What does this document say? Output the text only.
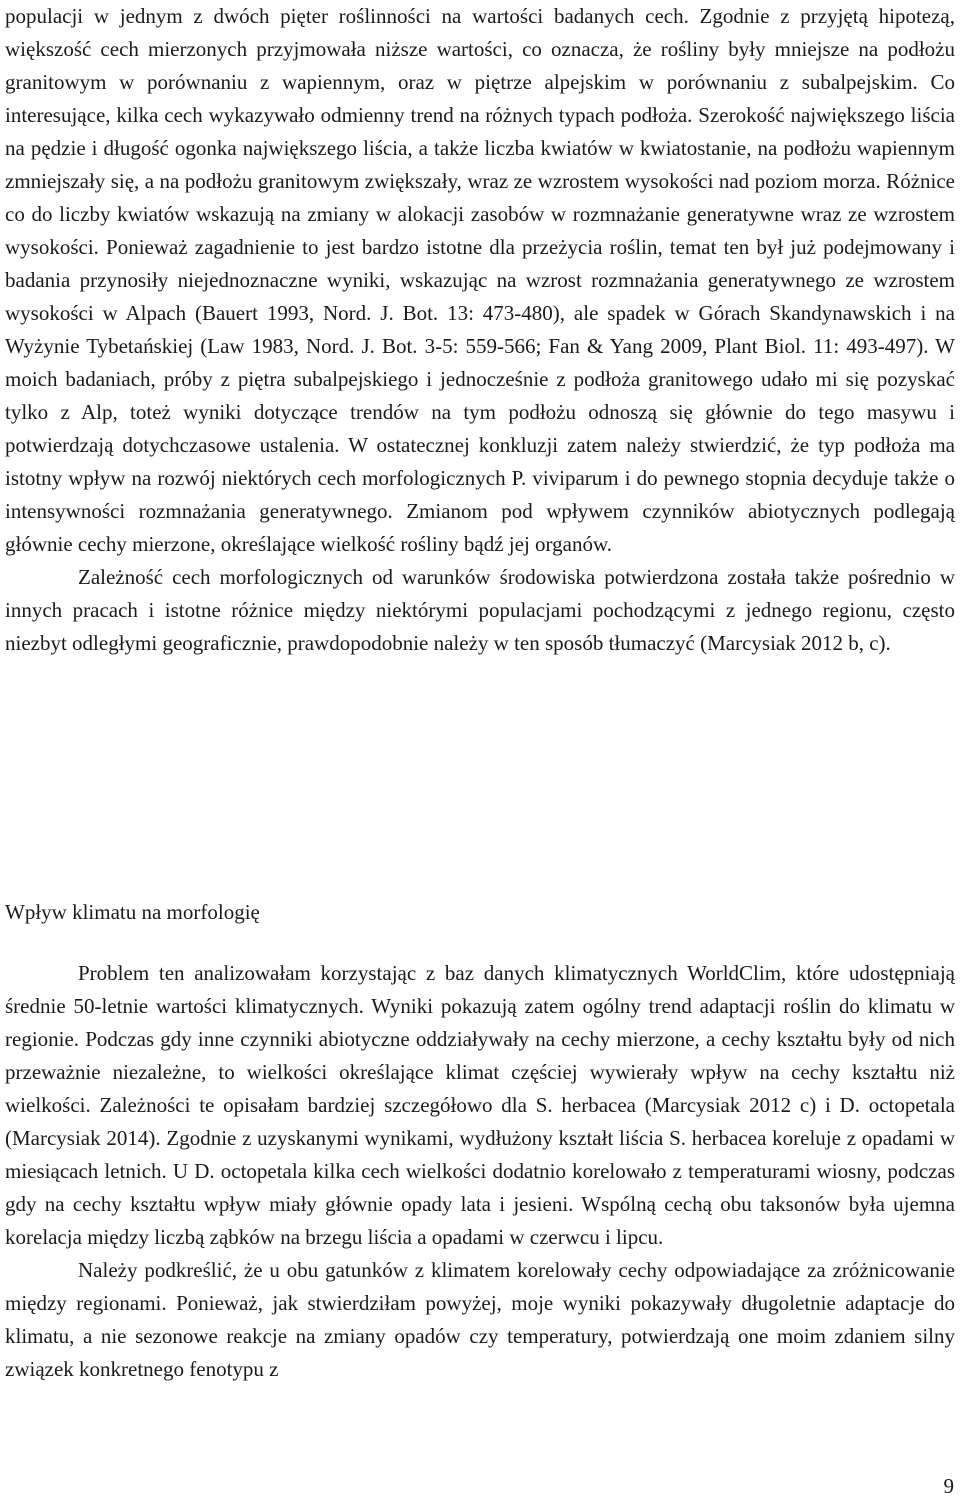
populacji w jednym z dwóch pięter roślinności na wartości badanych cech. Zgodnie z przyjętą hipotezą, większość cech mierzonych przyjmowała niższe wartości, co oznacza, że rośliny były mniejsze na podłożu granitowym w porównaniu z wapiennym, oraz w piętrze alpejskim w porównaniu z subalpejskim. Co interesujące, kilka cech wykazywało odmienny trend na różnych typach podłoża. Szerokość największego liścia na pędzie i długość ogonka największego liścia, a także liczba kwiatów w kwiatostanie, na podłożu wapiennym zmniejszały się, a na podłożu granitowym zwiększały, wraz ze wzrostem wysokości nad poziom morza. Różnice co do liczby kwiatów wskazują na zmiany w alokacji zasobów w rozmnażanie generatywne wraz ze wzrostem wysokości. Ponieważ zagadnienie to jest bardzo istotne dla przeżycia roślin, temat ten był już podejmowany i badania przynosiły niejednoznaczne wyniki, wskazując na wzrost rozmnażania generatywnego ze wzrostem wysokości w Alpach (Bauert 1993, Nord. J. Bot. 13: 473-480), ale spadek w Górach Skandynawskich i na Wyżynie Tybetańskiej (Law 1983, Nord. J. Bot. 3-5: 559-566; Fan & Yang 2009, Plant Biol. 11: 493-497). W moich badaniach, próby z piętra subalpejskiego i jednocześnie z podłoża granitowego udało mi się pozyskać tylko z Alp, toteż wyniki dotyczące trendów na tym podłożu odnoszą się głównie do tego masywu i potwierdzają dotychczasowe ustalenia. W ostatecznej konkluzji zatem należy stwierdzić, że typ podłoża ma istotny wpływ na rozwój niektórych cech morfologicznych P. viviparum i do pewnego stopnia decyduje także o intensywności rozmnażania generatywnego. Zmianom pod wpływem czynników abiotycznych podlegają głównie cechy mierzone, określające wielkość rośliny bądź jej organów.

Zależność cech morfologicznych od warunków środowiska potwierdzona została także pośrednio w innych pracach i istotne różnice między niektórymi populacjami pochodzącymi z jednego regionu, często niezbyt odległymi geograficznie, prawdopodobnie należy w ten sposób tłumaczyć (Marcysiak 2012 b, c).

Wpływ klimatu na morfologię

Problem ten analizowałam korzystając z baz danych klimatycznych WorldClim, które udostępniają średnie 50-letnie wartości klimatycznych. Wyniki pokazują zatem ogólny trend adaptacji roślin do klimatu w regionie. Podczas gdy inne czynniki abiotyczne oddziaływały na cechy mierzone, a cechy kształtu były od nich przeważnie niezależne, to wielkości określające klimat częściej wywierały wpływ na cechy kształtu niż wielkości. Zależności te opisałam bardziej szczegółowo dla S. herbacea (Marcysiak 2012 c) i D. octopetala (Marcysiak 2014). Zgodnie z uzyskanymi wynikami, wydłużony kształt liścia S. herbacea koreluje z opadami w miesiącach letnich. U D. octopetala kilka cech wielkości dodatnio korelowało z temperaturami wiosny, podczas gdy na cechy kształtu wpływ miały głównie opady lata i jesieni. Wspólną cechą obu taksonów była ujemna korelacja między liczbą ząbków na brzegu liścia a opadami w czerwcu i lipcu.

Należy podkreślić, że u obu gatunków z klimatem korelowały cechy odpowiadające za zróżnicowanie między regionami. Ponieważ, jak stwierdziłam powyżej, moje wyniki pokazywały długoletnie adaptacje do klimatu, a nie sezonowe reakcje na zmiany opadów czy temperatury, potwierdzają one moim zdaniem silny związek konkretnego fenotypu z

9
